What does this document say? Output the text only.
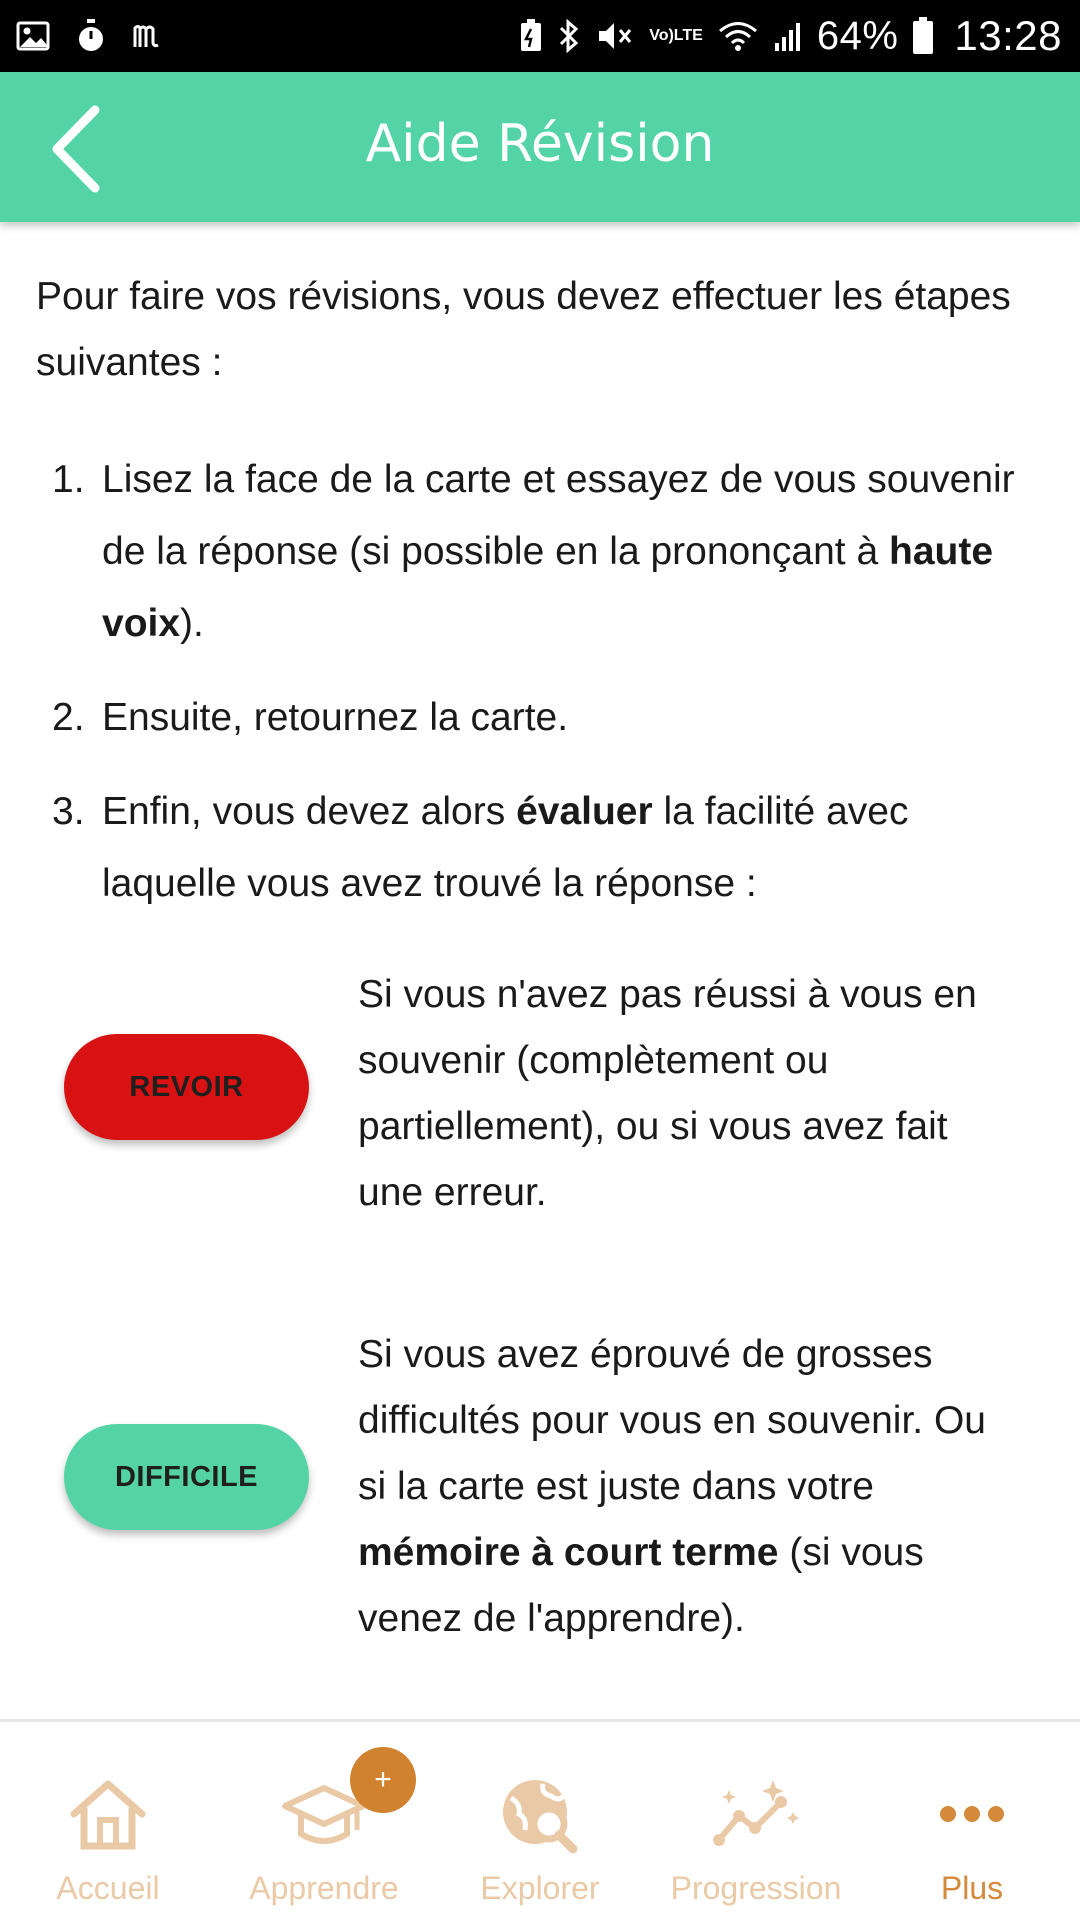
Vo) LTE	64% 13:28
Aide Révision
Pour faire vos révisions, vous devez effectuer les étapes suivantes :
1. Lisez la face de la carte et essayez de vous souvenir de la réponse (si possible en la prononçant à haute voix).
2. Ensuite, retournez la carte.
3. Enfin, vous devez alors évaluer la facilité avec laquelle vous avez trouvé la réponse :
REVOIR
Si vous n'avez pas réussi à vous en souvenir (complètement ou partiellement), ou si vous avez fait une erreur.
DIFFICILE
Si vous avez éprouvé de grosses difficultés pour vous en souvenir. Ou si la carte est juste dans votre mémoire à court terme (si vous venez de l'apprendre).
Accueil	Apprendre	Explorer	Progression	Plus
+
